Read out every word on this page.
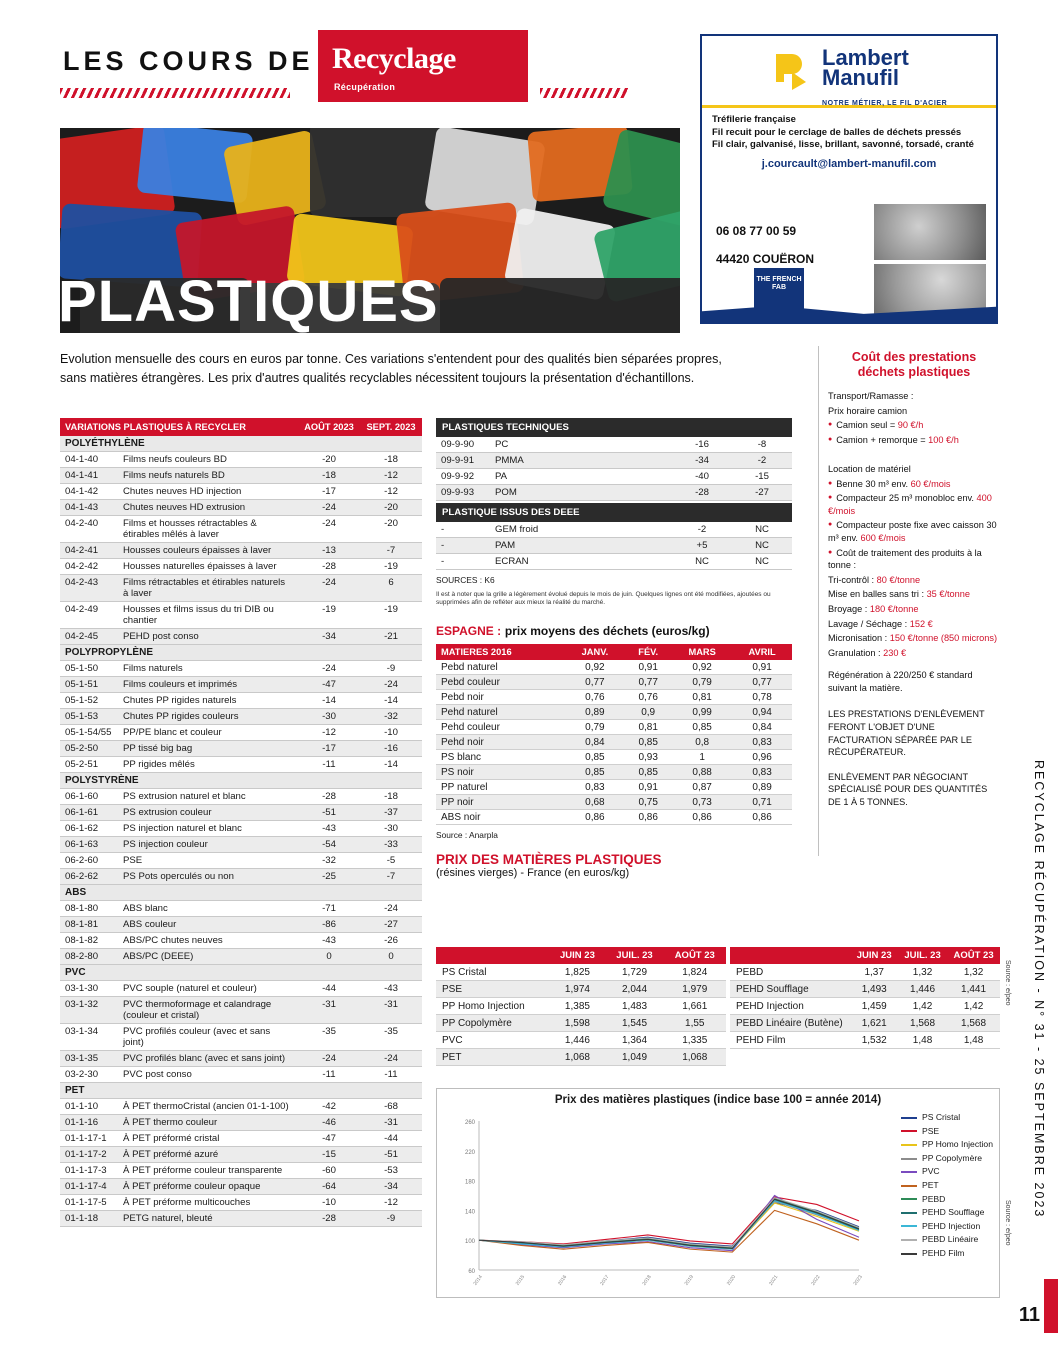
LES COURS DE Recyclage
Récupération
Lambert
Manufil
NOTRE MÉTIER, LE FIL D'ACIER
Tréfilerie française
Fil recuit pour le cerclage de balles de déchets pressés
Fil clair, galvanisé, lisse, brillant, savonné, torsadé, cranté
j.courcault@lambert-manufil.com
06 08 77 00 59
44420 COUËRON
THE FRENCH FAB
PLASTIQUES
Evolution mensuelle des cours en euros par tonne. Ces variations s'entendent pour des qualités bien séparées propres, sans matières étrangères. Les prix d'autres qualités recyclables nécessitent toujours la présentation d'échantillons.
VARIATIONS PLASTIQUES À RECYCLER		AOÛT 2023	SEPT. 2023
POLYÉTHYLÈNE			
04-1-40	Films neufs couleurs BD	-20	-18
04-1-41	Films neufs naturels BD	-18	-12
04-1-42	Chutes neuves HD injection	-17	-12
04-1-43	Chutes neuves HD extrusion	-24	-20
04-2-40	Films et housses rétractables & étirables mêlés à laver	-24	-20
04-2-41	Housses couleurs épaisses à laver	-13	-7
04-2-42	Housses naturelles épaisses à laver	-28	-19
04-2-43	Films rétractables et étirables naturels à laver	-24	6
04-2-49	Housses et films issus du tri DIB ou chantier	-19	-19
04-2-45	PEHD post conso	-34	-21
POLYPROPYLÈNE			
05-1-50	Films naturels	-24	-9
05-1-51	Films couleurs et imprimés	-47	-24
05-1-52	Chutes PP rigides naturels	-14	-14
05-1-53	Chutes PP rigides couleurs	-30	-32
05-1-54/55	PP/PE blanc et couleur	-12	-10
05-2-50	PP tissé big bag	-17	-16
05-2-51	PP rigides mêlés	-11	-14
POLYSTYRÈNE			
06-1-60	PS extrusion naturel et blanc	-28	-18
06-1-61	PS extrusion couleur	-51	-37
06-1-62	PS injection naturel et blanc	-43	-30
06-1-63	PS injection couleur	-54	-33
06-2-60	PSE	-32	-5
06-2-62	PS Pots operculés ou non	-25	-7
ABS			
08-1-80	ABS blanc	-71	-24
08-1-81	ABS couleur	-86	-27
08-1-82	ABS/PC chutes neuves	-43	-26
08-2-80	ABS/PC (DEEE)	0	0
PVC			
03-1-30	PVC souple (naturel et couleur)	-44	-43
03-1-32	PVC thermoformage et calandrage (couleur et cristal)	-31	-31
03-1-34	PVC profilés couleur (avec et sans joint)	-35	-35
03-1-35	PVC profilés blanc (avec et sans joint)	-24	-24
03-2-30	PVC post conso	-11	-11
PET			
01-1-10	À PET thermoCristal (ancien 01-1-100)	-42	-68
01-1-16	À PET thermo couleur	-46	-31
01-1-17-1	À PET préformé cristal	-47	-44
01-1-17-2	À PET préformé azuré	-15	-51
01-1-17-3	À PET préforme couleur transparente	-60	-53
01-1-17-4	À PET préforme couleur opaque	-64	-34
01-1-17-5	À PET préforme multicouches	-10	-12
01-1-18	PETG naturel, bleuté	-28	-9
PLASTIQUES TECHNIQUES
09-9-90	PC	-16	-8
09-9-91	PMMA	-34	-2
09-9-92	PA	-40	-15
09-9-93	POM	-28	-27
PLASTIQUE ISSUS DES DEEE
-	GEM froid	-2	NC
-	PAM	+5	NC
-	ECRAN	NC	NC
SOURCES : K6
Il est à noter que la grille a légèrement évolué depuis le mois de juin. Quelques lignes ont été modifiées, ajoutées ou supprimées afin de refléter aux mieux la réalité du marché.
ESPAGNE : prix moyens des déchets (euros/kg)
MATIERES 2016	JANV.	FÉV.	MARS	AVRIL
Pebd naturel	0,92	0,91	0,92	0,91
Pebd couleur	0,77	0,77	0,79	0,77
Pebd noir	0,76	0,76	0,81	0,78
Pehd naturel	0,89	0,9	0,99	0,94
Pehd couleur	0,79	0,81	0,85	0,84
Pehd noir	0,84	0,85	0,8	0,83
PS blanc	0,85	0,93	1	0,96
PS noir	0,85	0,85	0,88	0,83
PP naturel	0,83	0,91	0,87	0,89
PP noir	0,68	0,75	0,73	0,71
ABS noir	0,86	0,86	0,86	0,86
Source : Anarpla
PRIX DES MATIÈRES PLASTIQUES
(résines vierges) - France (en euros/kg)
	JUIN 23	JUIL. 23	AOÛT 23
PS Cristal	1,825	1,729	1,824
PSE	1,974	2,044	1,979
PP Homo Injection	1,385	1,483	1,661
PP Copolymère	1,598	1,545	1,55
PVC	1,446	1,364	1,335
PET	1,068	1,049	1,068
	JUIN 23	JUIL. 23	AOÛT 23
PEBD	1,37	1,32	1,32
PEHD Soufflage	1,493	1,446	1,441
PEHD Injection	1,459	1,42	1,42
PEBD Linéaire (Butène)	1,621	1,568	1,568
PEHD Film	1,532	1,48	1,48
Source : e/peo
Prix des matières plastiques (indice base 100 = année 2014)
60
100
140
180
220
260
2014	2015	2016	2017	2018	2019	2020	2021	2022	2023
PS Cristal
PSE
PP Homo Injection
PP Copolymère
PVC
PET
PEBD
PEHD Soufflage
PEHD Injection
PEBD Linéaire
PEHD Film
Source : e/peo
Coût des prestations déchets plastiques
Transport/Ramasse :
Prix horaire camion
● Camion seul = 90 €/h
● Camion + remorque = 100 €/h

Location de matériel
● Benne 30 m³ env. 60 €/mois
● Compacteur 25 m³ monobloc env. 400 €/mois
● Compacteur poste fixe avec caisson 30 m³ env. 600 €/mois
● Coût de traitement des produits à la tonne :
Tri-contrôl : 80 €/tonne
Mise en balles sans tri : 35 €/tonne
Broyage : 180 €/tonne
Lavage / Séchage : 152 €
Micronisation : 150 €/tonne (850 microns)
Granulation : 230 €
Régénération à 220/250 € standard suivant la matière.
LES PRESTATIONS D'ENLÈVEMENT FERONT L'OBJET D'UNE FACTURATION SÉPARÉE PAR LE RÉCUPÉRATEUR.
ENLÈVEMENT PAR NÉGOCIANT SPÉCIALISÉ POUR DES QUANTITÉS DE 1 À 5 TONNES.	RECYCLAGE RÉCUPÉRATION - N° 31 - 25 SEPTEMBRE 2023
11
